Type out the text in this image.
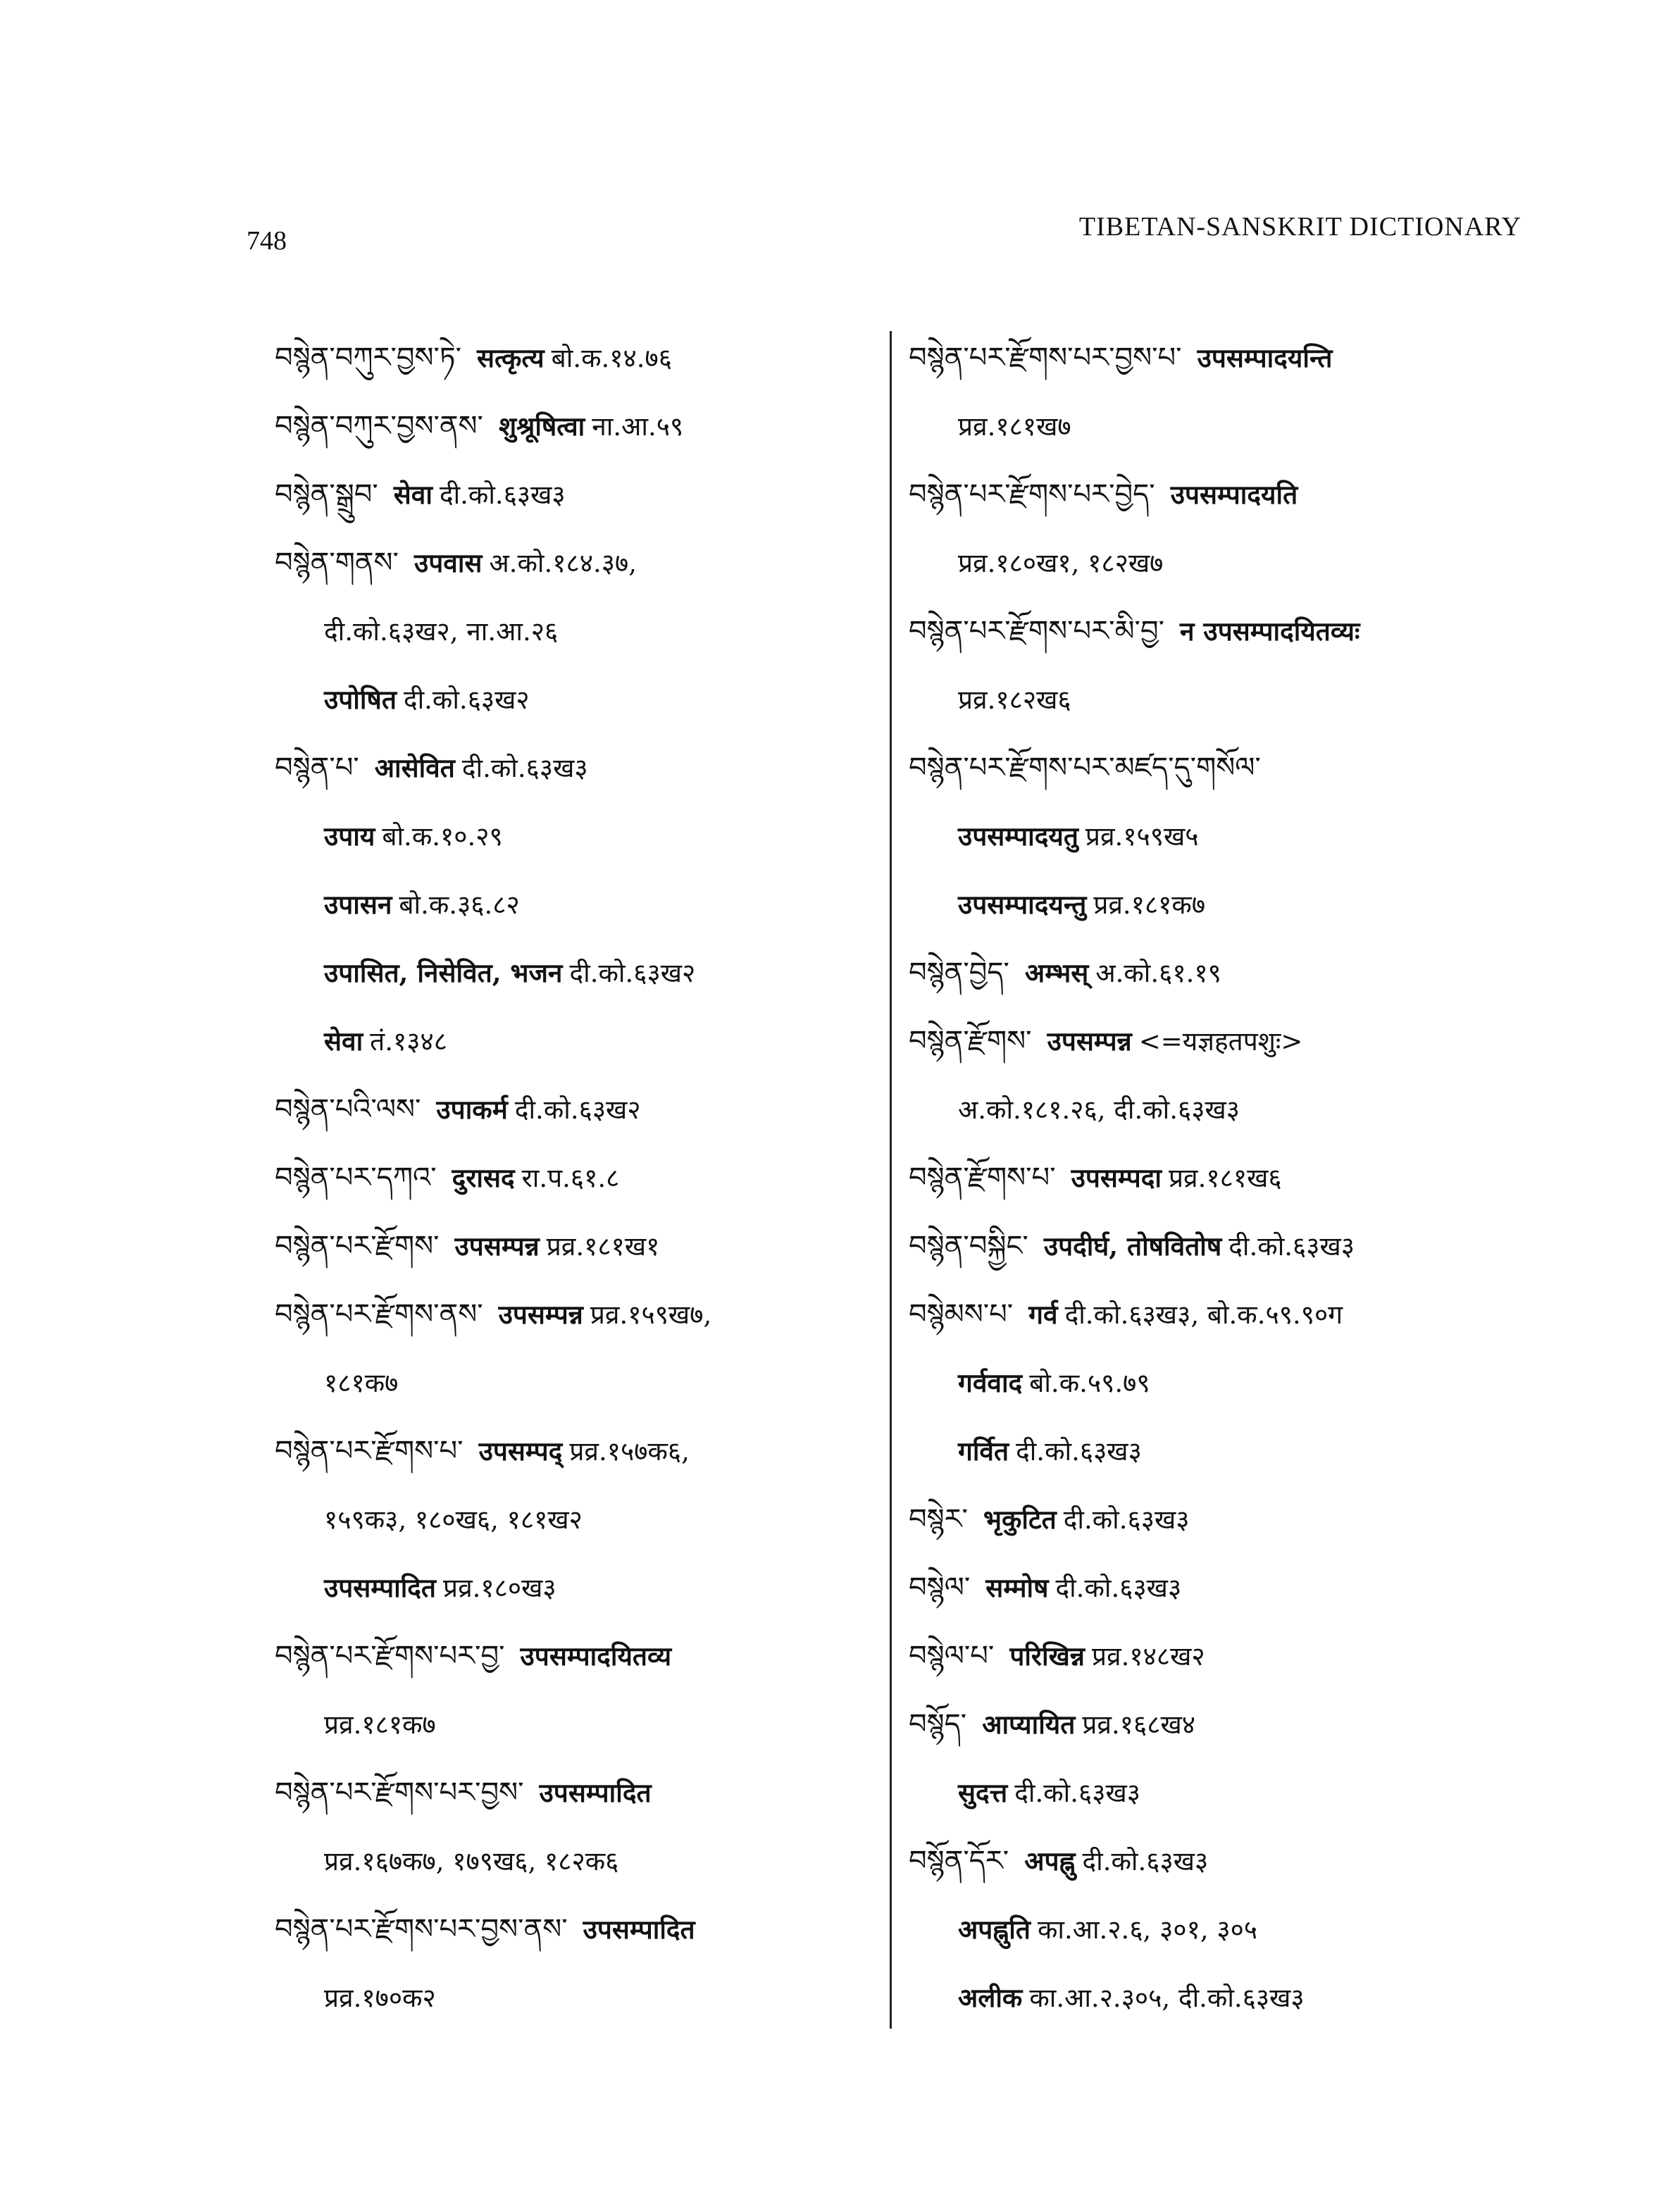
748	TIBETAN-SANSKRIT DICTIONARY
བསྙེན་བཀུར་བྱས་ཏེ་ सत्कृत्य बो.क.१४.७६
བསྙེན་བཀུར་བྱས་ནས་ शुश्रूषित्वा ना.आ.५९
བསྙེན་སྒྲུབ་ सेवा दी.को.६३ख३
བསྙེན་གནས་ उपवास अ.को.१८४.३७,
दी.को.६३ख२, ना.आ.२६
उपोषित दी.को.६३ख२
བསྙེན་པ་ आसेवित दी.को.६३ख३
उपाय बो.क.१०.२९
उपासन बो.क.३६.८२
उपासित, निसेवित, भजन दी.को.६३ख२
सेवा तं.१३४८
བསྙེན་པའི་ལས་ उपाकर्म दी.को.६३ख२
བསྙེན་པར་དཀའ་ दुरासद रा.प.६१.८
བསྙེན་པར་རྫོགས་ उपसम्पन्न प्रव्र.१८१ख१
བསྙེན་པར་རྫོགས་ནས་ उपसम्पन्न प्रव्र.१५९ख७,
१८१क७
བསྙེན་པར་རྫོགས་པ་ उपसम्पद् प्रव्र.१५७क६,
१५९क३, १८०ख६, १८१ख२
उपसम्पादित प्रव्र.१८०ख३
བསྙེན་པར་རྫོགས་པར་བྱ་ उपसम्पादयितव्य
प्रव्र.१८१क७
བསྙེན་པར་རྫོགས་པར་བྱས་ उपसम्पादित
प्रव्र.१६७क७, १७९ख६, १८२क६
བསྙེན་པར་རྫོགས་པར་བྱས་ནས་ उपसम्पादित
प्रव्र.१७०क२
བསྙེན་པར་རྫོགས་པར་བྱས་པ་ उपसम्पादयन्ति
प्रव्र.१८१ख७
བསྙེན་པར་རྫོགས་པར་བྱེད་ उपसम्पादयति
प्रव्र.१८०ख१, १८२ख७
བསྙེན་པར་རྫོགས་པར་མི་བྱ་ न उपसम्पादयितव्यः
प्रव्र.१८२ख६
བསྙེན་པར་རྫོགས་པར་མཛད་དུ་གསོལ་
उपसम्पादयतु प्रव्र.१५९ख५
उपसम्पादयन्तु प्रव्र.१८१क७
བསྙེན་བྱེད་ अम्भस् अ.को.६१.१९
བསྙེན་རྫོགས་ उपसम्पन्न <=यज्ञहतपशुः>
अ.को.१८१.२६, दी.को.६३ख३
བསྙེན་རྫོགས་པ་ उपसम्पदा प्रव्र.१८१ख६
བསྙེན་བསྐྱིང་ उपदीर्घ, तोषवितोष दी.को.६३ख३
བསྙེམས་པ་ गर्व दी.को.६३ख३, बो.क.५९.९०ग
गर्ववाद बो.क.५९.७९
गर्वित दी.को.६३ख३
བསྙེར་ भृकुटित दी.को.६३ख३
བསྙེལ་ सम्मोष दी.को.६३ख३
བསྙེལ་པ་ परिखिन्न प्रव्र.१४८ख२
བསྙོད་ आप्यायित प्रव्र.१६८ख४
सुदत्त दी.को.६३ख३
བསྙོན་དོར་ अपह्नु दी.को.६३ख३
अपह्नुति का.आ.२.६, ३०१, ३०५
अलीक का.आ.२.३०५, दी.को.६३ख३
